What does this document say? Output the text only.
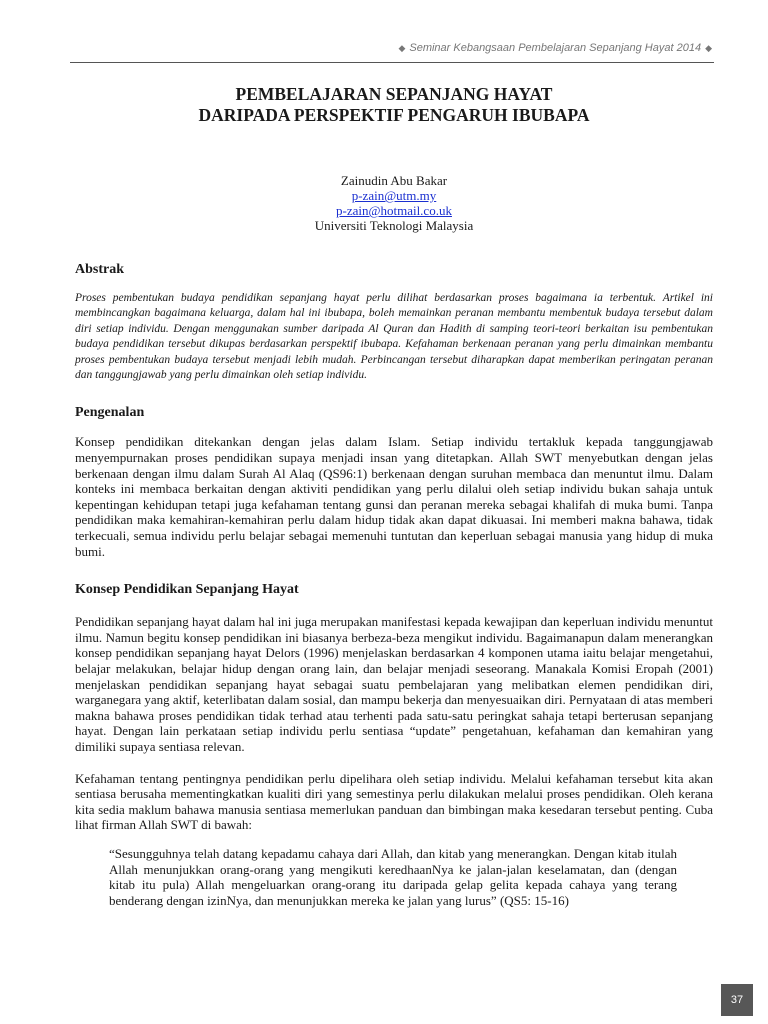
◆ Seminar Kebangsaan Pembelajaran Sepanjang Hayat 2014 ◆
PEMBELAJARAN SEPANJANG HAYAT
DARIPADA PERSPEKTIF PENGARUH IBUBAPA
Zainudin Abu Bakar
p-zain@utm.my
p-zain@hotmail.co.uk
Universiti Teknologi Malaysia
Abstrak

Proses pembentukan budaya pendidikan sepanjang hayat perlu dilihat berdasarkan proses bagaimana ia terbentuk. Artikel ini membincangkan bagaimana keluarga, dalam hal ini ibubapa, boleh memainkan peranan membantu membentuk budaya tersebut dalam diri setiap individu. Dengan menggunakan sumber daripada Al Quran dan Hadith di samping teori-teori berkaitan isu pembentukan budaya pendidikan tersebut dikupas berdasarkan perspektif ibubapa. Kefahaman berkenaan peranan yang perlu dimainkan membantu proses pembentukan budaya tersebut menjadi lebih mudah. Perbincangan tersebut diharapkan dapat memberikan peringatan peranan dan tanggungjawab yang perlu dimainkan oleh setiap individu.

Pengenalan

Konsep pendidikan ditekankan dengan jelas dalam Islam. Setiap individu tertakluk kepada tanggungjawab menyempurnakan proses pendidikan supaya menjadi insan yang ditetapkan. Allah SWT menyebutkan dengan jelas berkenaan dengan ilmu dalam Surah Al Alaq (QS96:1) berkenaan dengan suruhan membaca dan menuntut ilmu. Dalam konteks ini membaca berkaitan dengan aktiviti pendidikan yang perlu dilalui oleh setiap individu bukan sahaja untuk kepentingan kehidupan tetapi juga kefahaman tentang gunsi dan peranan mereka sebagai khalifah di muka bumi. Tanpa pendidikan maka kemahiran-kemahiran perlu dalam hidup tidak akan dapat dikuasai. Ini memberi makna bahawa, tidak terkecuali, semua individu perlu belajar sebagai memenuhi tuntutan dan keperluan sebagai manusia yang hidup di muka bumi.

Konsep Pendidikan Sepanjang Hayat

Pendidikan sepanjang hayat dalam hal ini juga merupakan manifestasi kepada kewajipan dan keperluan individu menuntut ilmu. Namun begitu konsep pendidikan ini biasanya berbeza-beza mengikut individu. Bagaimanapun dalam menerangkan konsep pendidikan sepanjang hayat Delors (1996) menjelaskan berdasarkan 4 komponen utama iaitu belajar mengetahui, belajar melakukan, belajar hidup dengan orang lain, dan belajar menjadi seseorang. Manakala Komisi Eropah (2001) menjelaskan pendidikan sepanjang hayat sebagai suatu pembelajaran yang melibatkan elemen pendidikan diri, warganegara yang aktif, keterlibatan dalam sosial, dan mampu bekerja dan menyesuaikan diri. Pernyataan di atas memberi makna bahawa proses pendidikan tidak terhad atau terhenti pada satu-satu peringkat sahaja tetapi berterusan sepanjang hayat. Dengan lain perkataan setiap individu perlu sentiasa “update” pengetahuan, kefahaman dan kemahiran yang dimiliki supaya sentiasa relevan.

Kefahaman tentang pentingnya pendidikan perlu dipelihara oleh setiap individu. Melalui kefahaman tersebut kita akan sentiasa berusaha mementingkatkan kualiti diri yang semestinya perlu dilakukan melalui proses pendidikan. Oleh kerana kita sedia maklum bahawa manusia sentiasa memerlukan panduan dan bimbingan maka kesedaran tersebut penting. Cuba lihat firman Allah SWT di bawah:

“Sesungguhnya telah datang kepadamu cahaya dari Allah, dan kitab yang menerangkan. Dengan kitab itulah Allah menunjukkan orang-orang yang mengikuti keredhaanNya ke jalan-jalan keselamatan, dan (dengan kitab itu pula) Allah mengeluarkan orang-orang itu daripada gelap gelita kepada cahaya yang terang benderang dengan izinNya, dan menunjukkan mereka ke jalan yang lurus” (QS5: 15-16)

37
